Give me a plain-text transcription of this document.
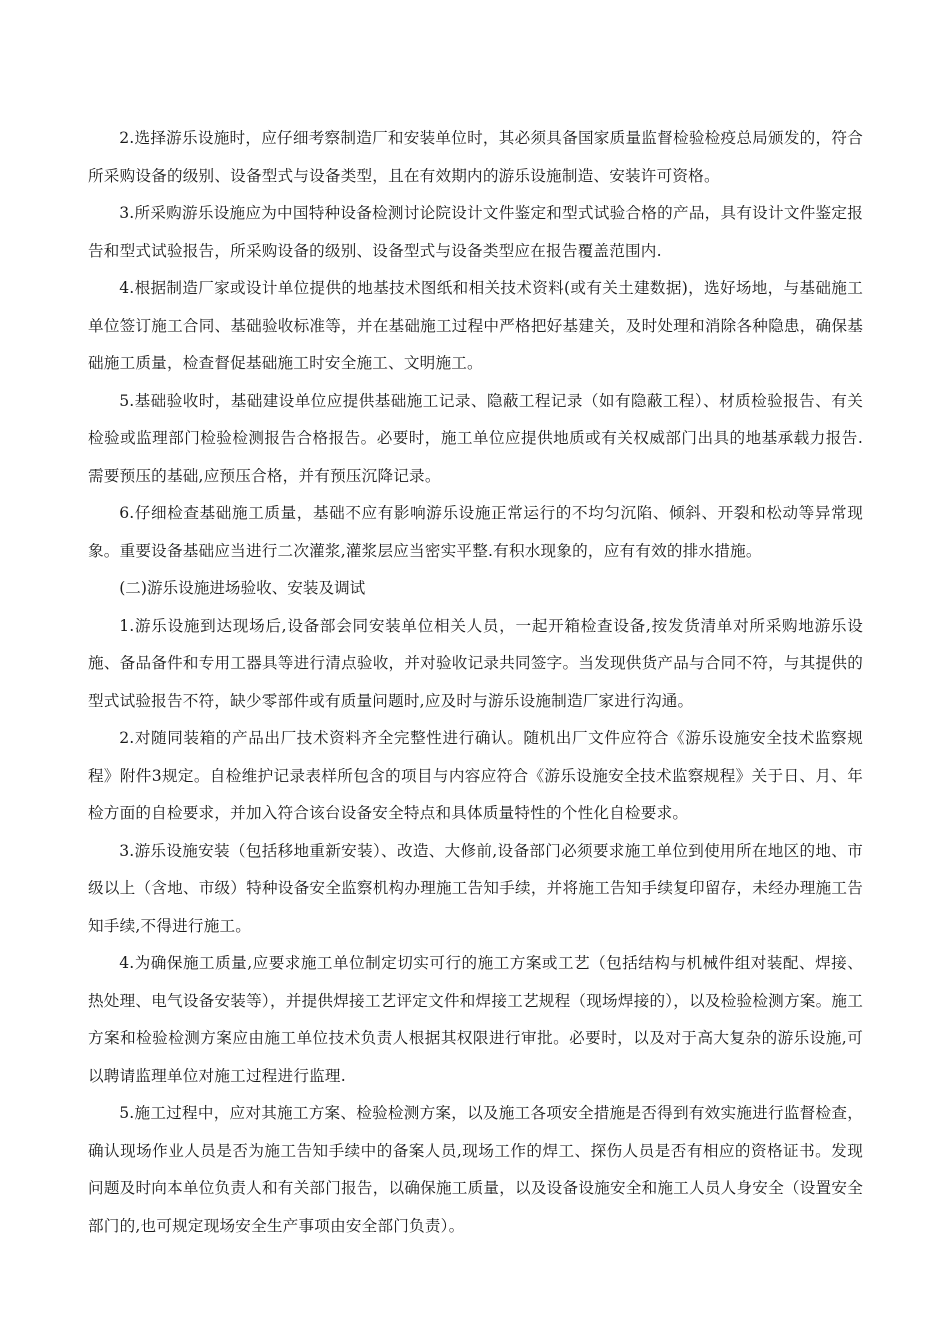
2.选择游乐设施时，应仔细考察制造厂和安装单位时，其必须具备国家质量监督检验检疫总局颁发的，符合所采购设备的级别、设备型式与设备类型，且在有效期内的游乐设施制造、安装许可资格。

3.所采购游乐设施应为中国特种设备检测讨论院设计文件鉴定和型式试验合格的产品，具有设计文件鉴定报告和型式试验报告，所采购设备的级别、设备型式与设备类型应在报告覆盖范围内.

4.根据制造厂家或设计单位提供的地基技术图纸和相关技术资料(或有关土建数据)，选好场地，与基础施工单位签订施工合同、基础验收标准等，并在基础施工过程中严格把好基建关，及时处理和消除各种隐患，确保基础施工质量，检查督促基础施工时安全施工、文明施工。

5.基础验收时，基础建设单位应提供基础施工记录、隐蔽工程记录（如有隐蔽工程）、材质检验报告、有关检验或监理部门检验检测报告合格报告。必要时，施工单位应提供地质或有关权威部门出具的地基承载力报告.需要预压的基础,应预压合格，并有预压沉降记录。

6.仔细检查基础施工质量，基础不应有影响游乐设施正常运行的不均匀沉陷、倾斜、开裂和松动等异常现象。重要设备基础应当进行二次灌浆,灌浆层应当密实平整.有积水现象的，应有有效的排水措施。

(二)游乐设施进场验收、安装及调试

1.游乐设施到达现场后,设备部会同安装单位相关人员，一起开箱检查设备,按发货清单对所采购地游乐设施、备品备件和专用工器具等进行清点验收，并对验收记录共同签字。当发现供货产品与合同不符，与其提供的型式试验报告不符，缺少零部件或有质量问题时,应及时与游乐设施制造厂家进行沟通。

2.对随同装箱的产品出厂技术资料齐全完整性进行确认。随机出厂文件应符合《游乐设施安全技术监察规程》附件3规定。自检维护记录表样所包含的项目与内容应符合《游乐设施安全技术监察规程》关于日、月、年检方面的自检要求，并加入符合该台设备安全特点和具体质量特性的个性化自检要求。

3.游乐设施安装（包括移地重新安装）、改造、大修前,设备部门必须要求施工单位到使用所在地区的地、市级以上（含地、市级）特种设备安全监察机构办理施工告知手续，并将施工告知手续复印留存，未经办理施工告知手续,不得进行施工。

4.为确保施工质量,应要求施工单位制定切实可行的施工方案或工艺（包括结构与机械件组对装配、焊接、热处理、电气设备安装等），并提供焊接工艺评定文件和焊接工艺规程（现场焊接的），以及检验检测方案。施工方案和检验检测方案应由施工单位技术负责人根据其权限进行审批。必要时，以及对于高大复杂的游乐设施,可以聘请监理单位对施工过程进行监理.

5.施工过程中，应对其施工方案、检验检测方案，以及施工各项安全措施是否得到有效实施进行监督检查，确认现场作业人员是否为施工告知手续中的备案人员,现场工作的焊工、探伤人员是否有相应的资格证书。发现问题及时向本单位负责人和有关部门报告，以确保施工质量，以及设备设施安全和施工人员人身安全（设置安全部门的,也可规定现场安全生产事项由安全部门负责）。
